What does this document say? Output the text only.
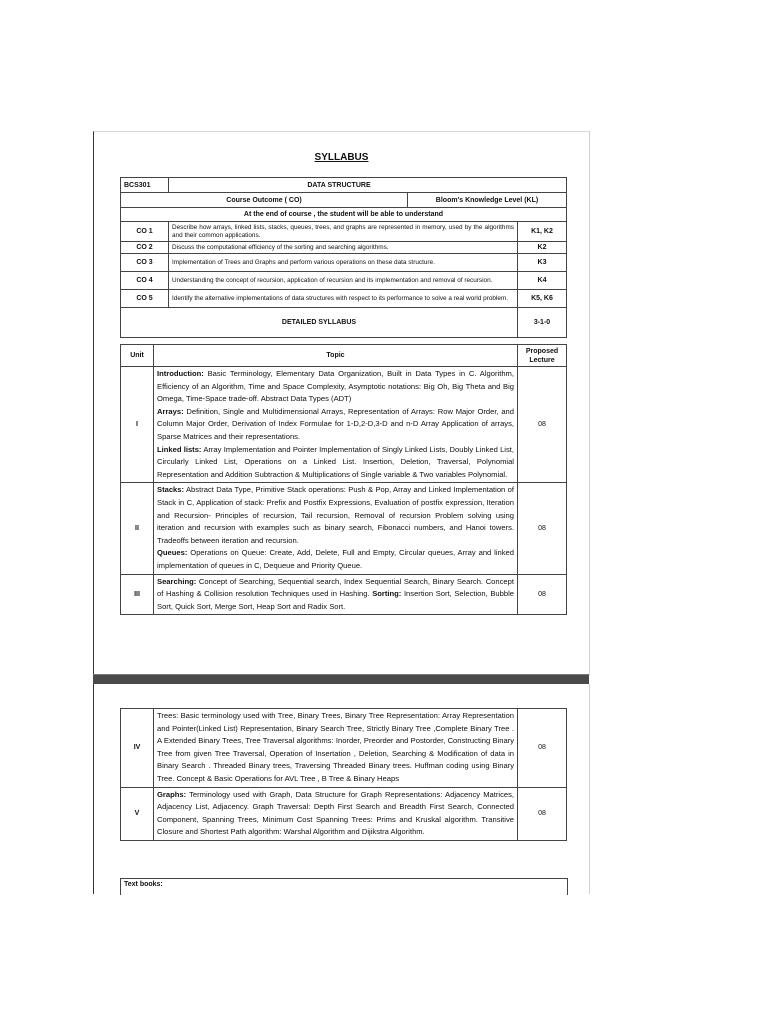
SYLLABUS
BCS301	DATA STRUCTURE		
Course Outcome ( CO)		Bloom's Knowledge Level (KL)	
At the end of course , the student will be able to understand			
CO 1	Describe how arrays, linked lists, stacks, queues, trees, and graphs are represented in memory, used by the algorithms and their common applications.		K1, K2
CO 2	Discuss the computational efficiency of the sorting and searching algorithms.		K2
CO 3	Implementation of Trees and Graphs and perform various operations on these data structure.		K3
CO 4	Understanding the concept of recursion, application of recursion and its implementation and removal of recursion.		K4
CO 5	Identify the alternative implementations of data structures with respect to its performance to solve a real world problem.		K5, K6
DETAILED SYLLABUS			3-1-0
Unit	Topic	Proposed Lecture
I	Introduction: Basic Terminology, Elementary Data Organization, Built in Data Types in C. Algorithm, Efficiency of an Algorithm, Time and Space Complexity, Asymptotic notations: Big Oh, Big Theta and Big Omega, Time-Space trade-off. Abstract Data Types (ADT)
Arrays: Definition, Single and Multidimensional Arrays, Representation of Arrays: Row Major Order, and Column Major Order, Derivation of Index Formulae for 1-D,2-D,3-D and n-D Array Application of arrays, Sparse Matrices and their representations.
Linked lists: Array Implementation and Pointer Implementation of Singly Linked Lists, Doubly Linked List, Circularly Linked List, Operations on a Linked List. Insertion, Deletion, Traversal, Polynomial Representation and Addition Subtraction & Multiplications of Single variable & Two variables Polynomial.	08
II	Stacks: Abstract Data Type, Primitive Stack operations: Push & Pop, Array and Linked Implementation of Stack in C, Application of stack: Prefix and Postfix Expressions, Evaluation of postfix expression, Iteration and Recursion- Principles of recursion, Tail recursion, Removal of recursion Problem solving using iteration and recursion with examples such as binary search, Fibonacci numbers, and Hanoi towers. Tradeoffs between iteration and recursion.
Queues: Operations on Queue: Create, Add, Delete, Full and Empty, Circular queues, Array and linked implementation of queues in C, Dequeue and Priority Queue.	08
III	Searching: Concept of Searching, Sequential search, Index Sequential Search, Binary Search. Concept of Hashing & Collision resolution Techniques used in Hashing. Sorting: Insertion Sort, Selection, Bubble Sort, Quick Sort, Merge Sort, Heap Sort and Radix Sort.	08
IV	Trees: Basic terminology used with Tree, Binary Trees, Binary Tree Representation: Array Representation and Pointer(Linked List) Representation, Binary Search Tree, Strictly Binary Tree ,Complete Binary Tree . A Extended Binary Trees, Tree Traversal algorithms: Inorder, Preorder and Postorder, Constructing Binary Tree from given Tree Traversal, Operation of Insertation , Deletion, Searching & Modification of data in Binary Search . Threaded Binary trees, Traversing Threaded Binary trees. Huffman coding using Binary Tree. Concept & Basic Operations for AVL Tree , B Tree & Binary Heaps	08
V	Graphs: Terminology used with Graph, Data Structure for Graph Representations: Adjacency Matrices, Adjacency List, Adjacency. Graph Traversal: Depth First Search and Breadth First Search, Connected Component, Spanning Trees, Minimum Cost Spanning Trees: Prims and Kruskal algorithm. Transitive Closure and Shortest Path algorithm: Warshal Algorithm and Dijikstra Algorithm.	08
Text books:
